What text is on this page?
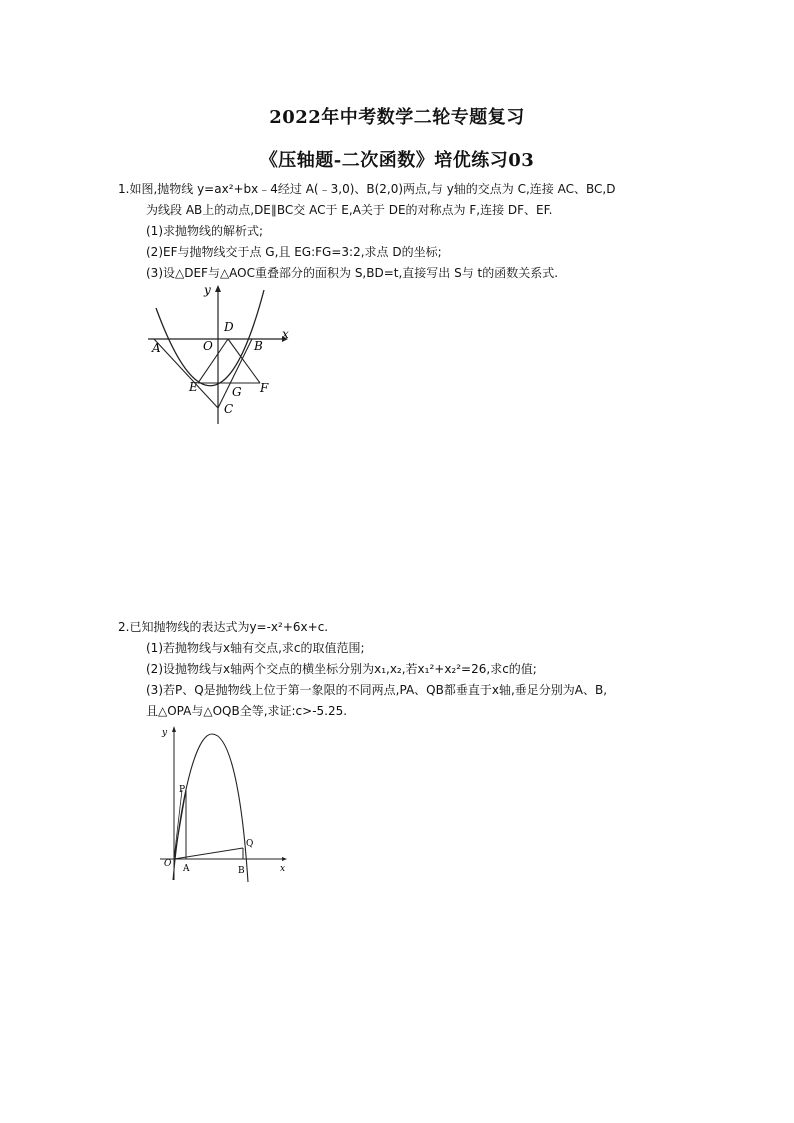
2022年中考数学二轮专题复习
《压轴题-二次函数》培优练习03
1.如图,抛物线 y=ax²+bx﹣4经过 A(﹣3,0)、B(2,0)两点,与 y轴的交点为 C,连接 AC、BC,D
为线段 AB上的动点,DE∥BC交 AC于 E,A关于 DE的对称点为 F,连接 DF、EF.
(1)求抛物线的解析式;
(2)EF与抛物线交于点 G,且 EG:FG=3:2,求点 D的坐标;
(3)设△DEF与△AOC重叠部分的面积为 S,BD=t,直接写出 S与 t的函数关系式.
y
x
A	O
D
B
E	G F
C
2.已知抛物线的表达式为y=-x²+6x+c.
(1)若抛物线与x轴有交点,求c的取值范围;
(2)设抛物线与x轴两个交点的横坐标分别为x₁,x₂,若x₁²+x₂²=26,求c的值;
(3)若P、Q是抛物线上位于第一象限的不同两点,PA、QB都垂直于x轴,垂足分别为A、B,
且△OPA与△OQB全等,求证:c>-5.25.
y
x
O
P
Q
A	B
